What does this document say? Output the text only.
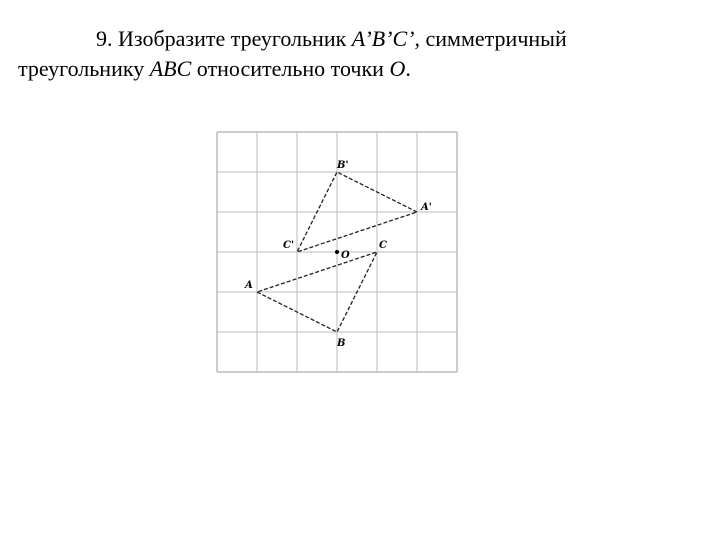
9. Изобразите треугольник A’B’C’, симметричный
треугольнику ABC относительно точки O.

A
B
C
A'
B'
C'
O
